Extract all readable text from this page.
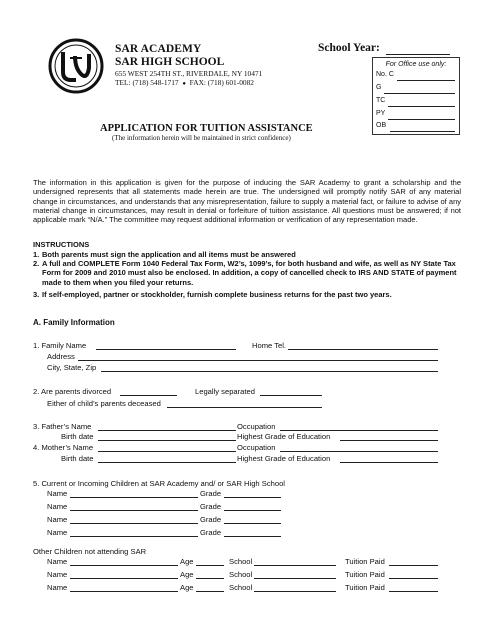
SAR ACADEMY
SAR HIGH SCHOOL
655 WEST 254TH ST., RIVERDALE, NY 10471
TEL: (718) 548-1717 ● FAX: (718) 601-0082
School Year:
For Office use only:
No. C
G
TC
PY
OB
APPLICATION FOR TUITION ASSISTANCE
(The information herein will be maintained in strict confidence)

The information in this application is given for the purpose of inducing the SAR Academy to grant a scholarship and the undersigned represents that all statements made herein are true. The undersigned will promptly notify SAR of any material change in circumstances, and understands that any misrepresentation, failure to supply a material fact, or failure to advise of any material change in circumstances, may result in denial or forfeiture of tuition assistance. All questions must be answered; if not applicable mark “N/A.” The committee may request additional information or verification of any representation made.

INSTRUCTIONS
1. Both parents must sign the application and all items must be answered
2. A full and COMPLETE Form 1040 Federal Tax Form, W2’s, 1099’s, for both husband and wife, as well as NY State Tax Form for 2009 and 2010 must also be enclosed. In addition, a copy of cancelled check to IRS AND STATE of payment made to them when you filed your returns.
3. If self-employed, partner or stockholder, furnish complete business returns for the past two years.
A. Family Information
1. Family Name	Home Tel.
Address
City, State, Zip
2. Are parents divorced	Legally separated
Either of child’s parents deceased
3. Father’s Name	Occupation
Birth date	Highest Grade of Education
4. Mother’s Name	Occupation
Birth date	Highest Grade of Education
5. Current or Incoming Children at SAR Academy and/ or SAR High School
Name	Grade
Name	Grade
Name	Grade
Name	Grade
Other Children not attending SAR
Name	Age	School	Tuition Paid
Name	Age	School	Tuition Paid
Name	Age	School	Tuition Paid
